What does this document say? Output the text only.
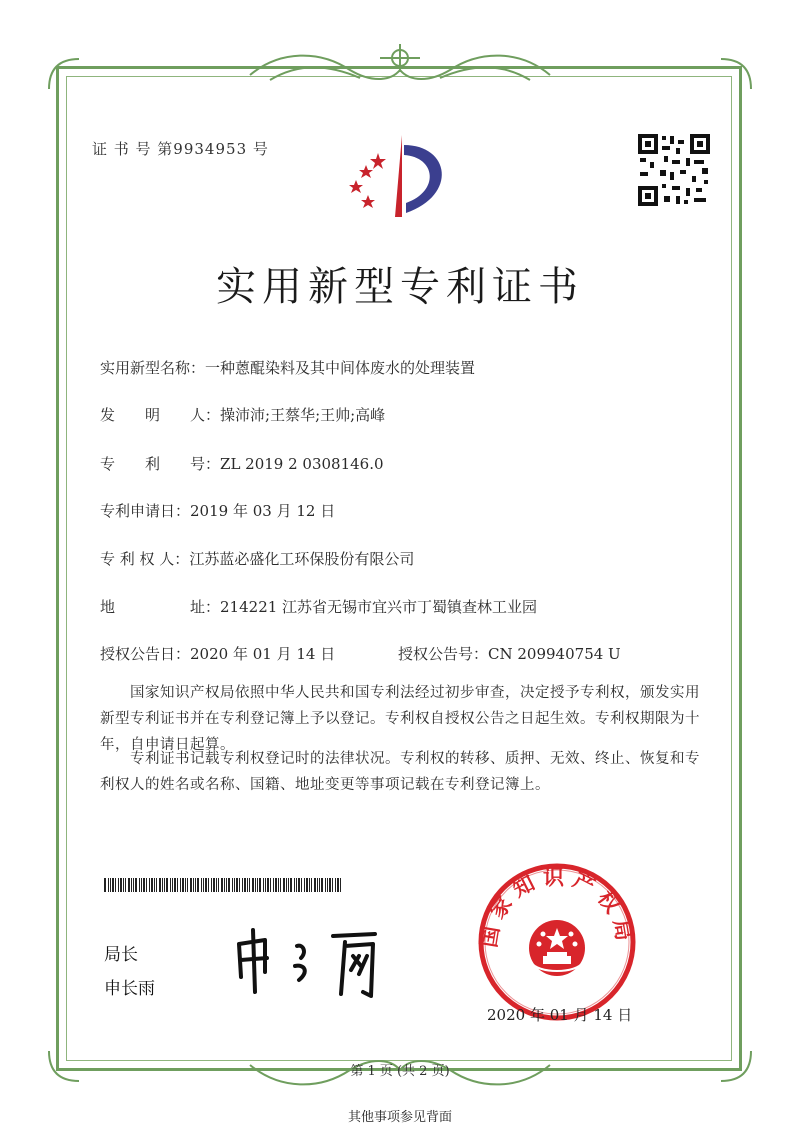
证 书 号 第9934953 号
实用新型专利证书
实用新型名称：一种蒽醌染料及其中间体废水的处理装置
发　　明　　人：操沛沛;王蔡华;王帅;高峰
专　　利　　号：ZL 2019 2 0308146.0
专利申请日：2019 年 03 月 12 日
专 利 权 人：江苏蓝必盛化工环保股份有限公司
地　　　　　址：214221 江苏省无锡市宜兴市丁蜀镇查林工业园
授权公告日：2020 年 01 月 14 日	授权公告号：CN 209940754 U
国家知识产权局依照中华人民共和国专利法经过初步审查，决定授予专利权，颁发实用新型专利证书并在专利登记簿上予以登记。专利权自授权公告之日起生效。专利权期限为十年，自申请日起算。
专利证书记载专利权登记时的法律状况。专利权的转移、质押、无效、终止、恢复和专利权人的姓名或名称、国籍、地址变更等事项记载在专利登记簿上。
局长
申长雨
国家知识产权局
2020 年 01 月 14 日
第 1 页 (共 2 页)
其他事项参见背面
